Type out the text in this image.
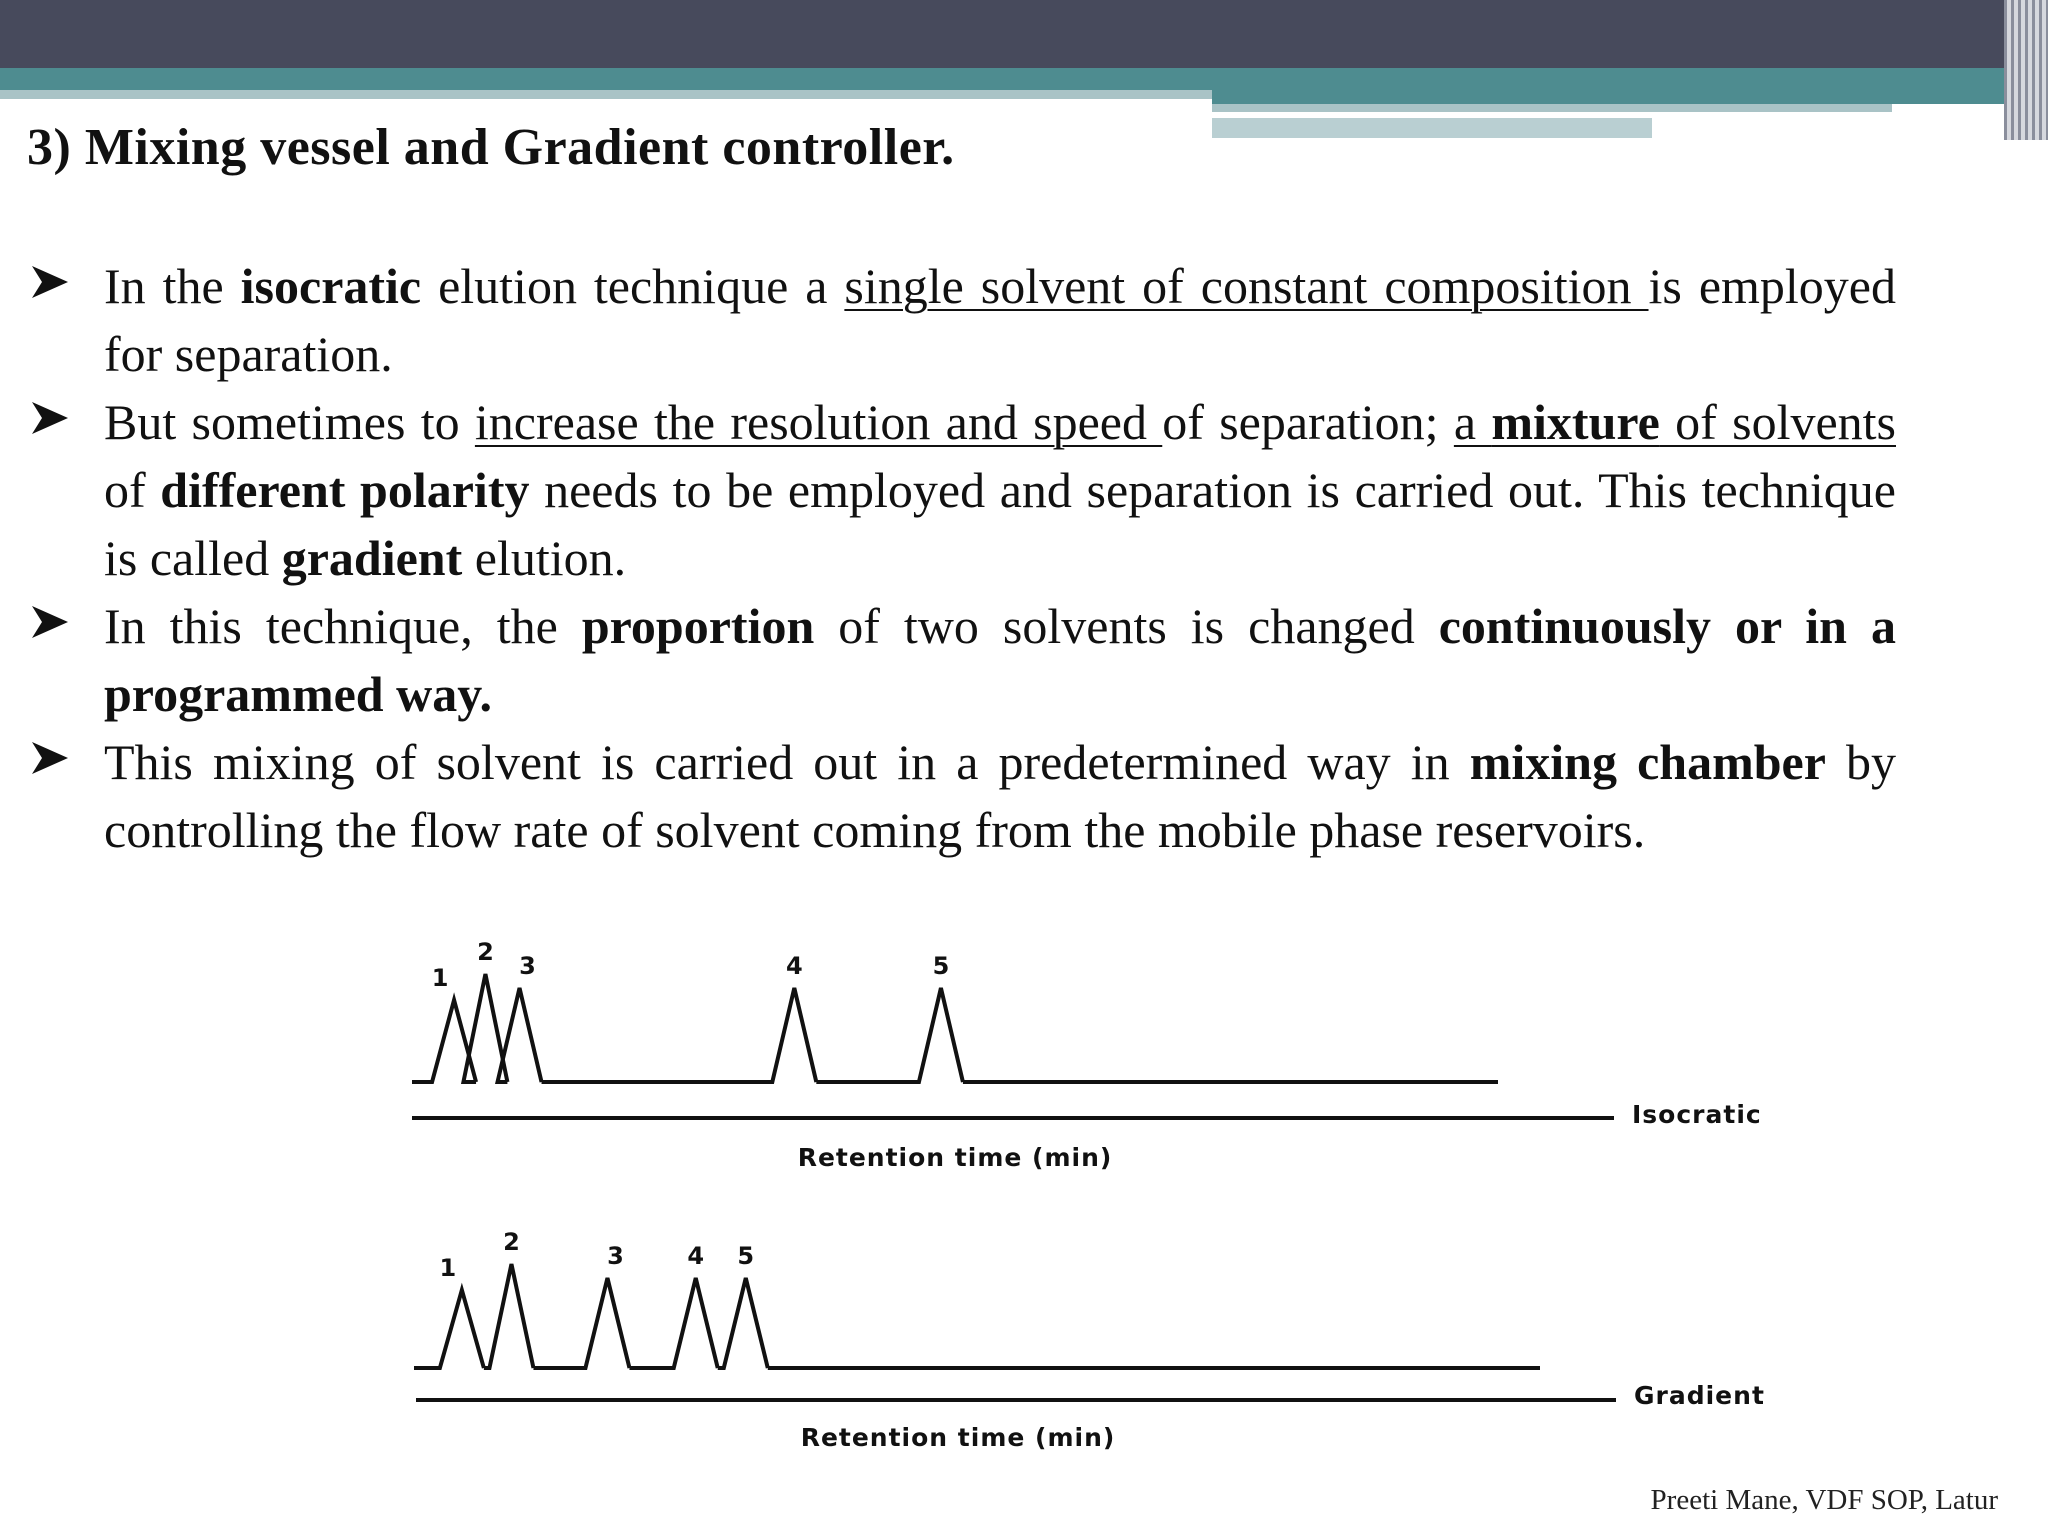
3) Mixing vessel and Gradient controller.

In the isocratic elution technique a single solvent of constant composition is employed for separation.

But sometimes to increase the resolution and speed of separation; a mixture of solvents of different polarity needs to be employed and separation is carried out. This technique is called gradient elution.

In this technique, the proportion of two solvents is changed continuously or in a programmed way.

This mixing of solvent is carried out in a predetermined way in mixing chamber by controlling the flow rate of solvent coming from the mobile phase reservoirs.

1
2 3	4	5
Isocratic
Retention time (min)
1
2	3	4 5
Gradient
Retention time (min)

Preeti Mane, VDF SOP, Latur
